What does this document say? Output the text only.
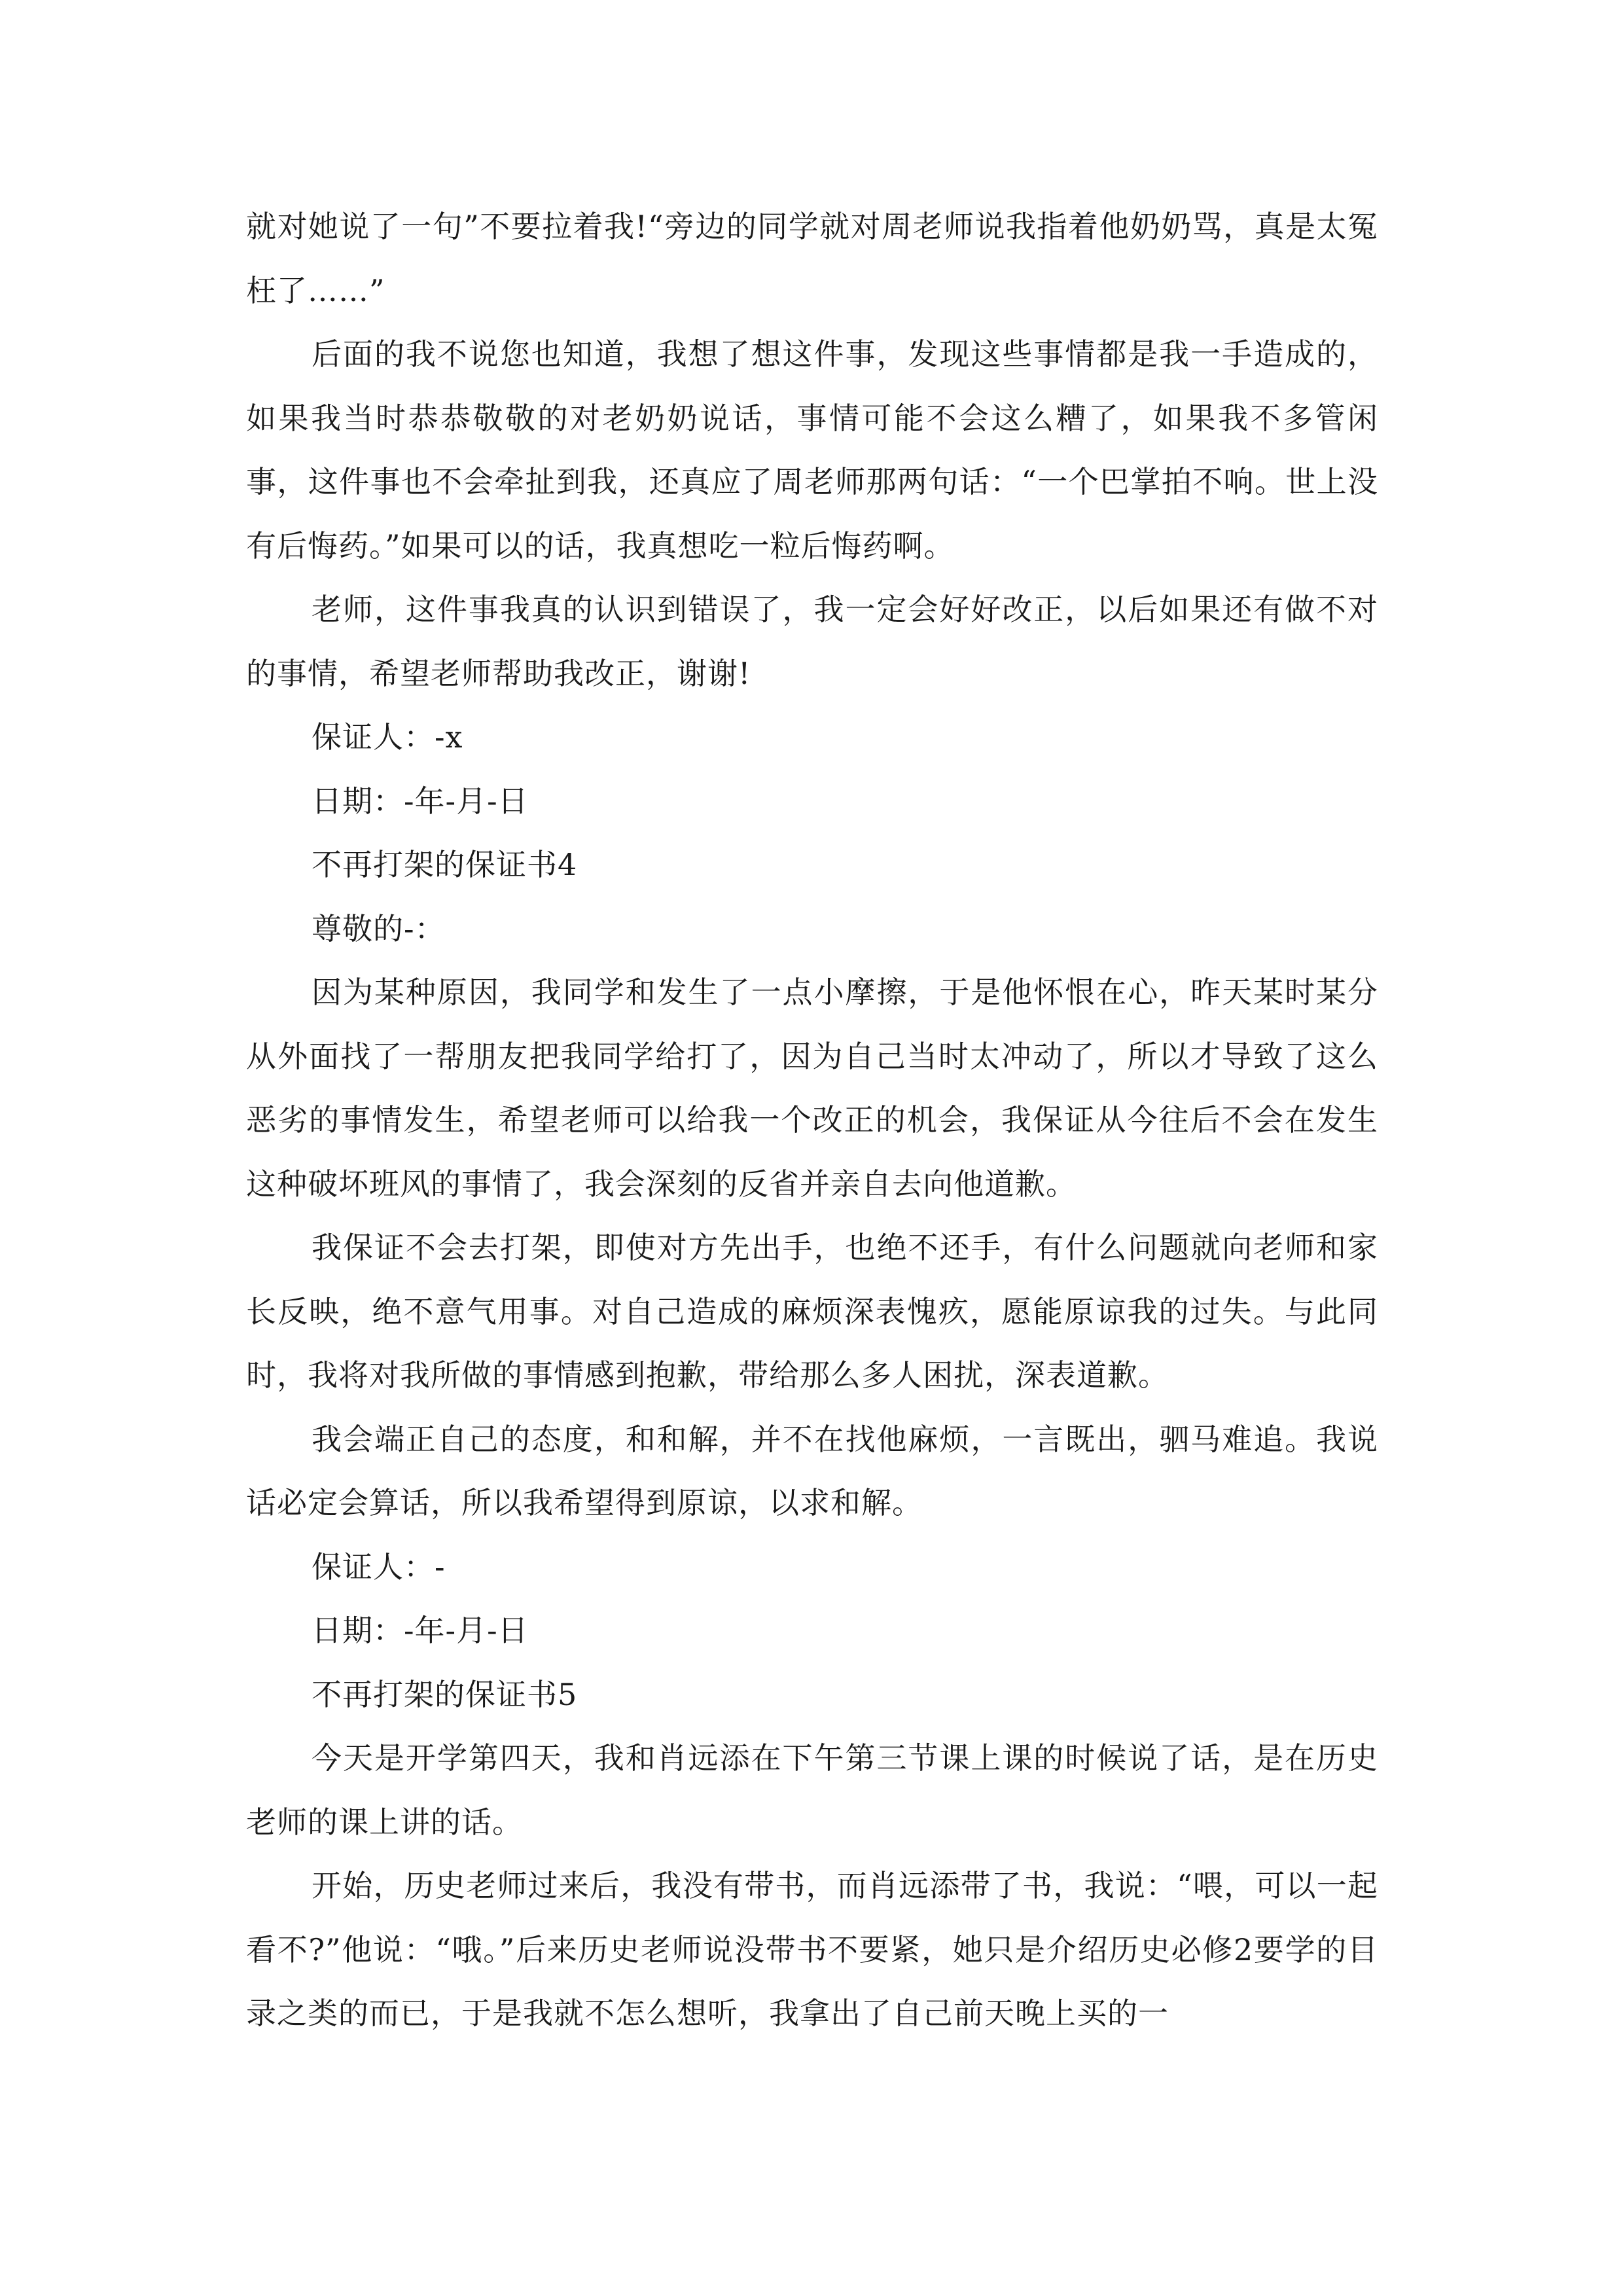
就对她说了一句”不要拉着我!“旁边的同学就对周老师说我指着他奶奶骂，真是太冤枉了……”

后面的我不说您也知道，我想了想这件事，发现这些事情都是我一手造成的，如果我当时恭恭敬敬的对老奶奶说话，事情可能不会这么糟了，如果我不多管闲事，这件事也不会牵扯到我，还真应了周老师那两句话：“一个巴掌拍不响。世上没有后悔药。”如果可以的话，我真想吃一粒后悔药啊。

老师，这件事我真的认识到错误了，我一定会好好改正，以后如果还有做不对的事情，希望老师帮助我改正，谢谢!

保证人：-x

日期：-年-月-日

不再打架的保证书4

尊敬的-：

因为某种原因，我同学和发生了一点小摩擦，于是他怀恨在心，昨天某时某分从外面找了一帮朋友把我同学给打了，因为自己当时太冲动了，所以才导致了这么恶劣的事情发生，希望老师可以给我一个改正的机会，我保证从今往后不会在发生这种破坏班风的事情了，我会深刻的反省并亲自去向他道歉。

我保证不会去打架，即使对方先出手，也绝不还手，有什么问题就向老师和家长反映，绝不意气用事。对自己造成的麻烦深表愧疚，愿能原谅我的过失。与此同时，我将对我所做的事情感到抱歉，带给那么多人困扰，深表道歉。

我会端正自己的态度，和和解，并不在找他麻烦，一言既出，驷马难追。我说话必定会算话，所以我希望得到原谅，以求和解。

保证人：-

日期：-年-月-日

不再打架的保证书5

今天是开学第四天，我和肖远添在下午第三节课上课的时候说了话，是在历史老师的课上讲的话。

开始，历史老师过来后，我没有带书，而肖远添带了书，我说：“喂，可以一起看不?”他说：“哦。”后来历史老师说没带书不要紧，她只是介绍历史必修2要学的目录之类的而已，于是我就不怎么想听，我拿出了自己前天晚上买的一
